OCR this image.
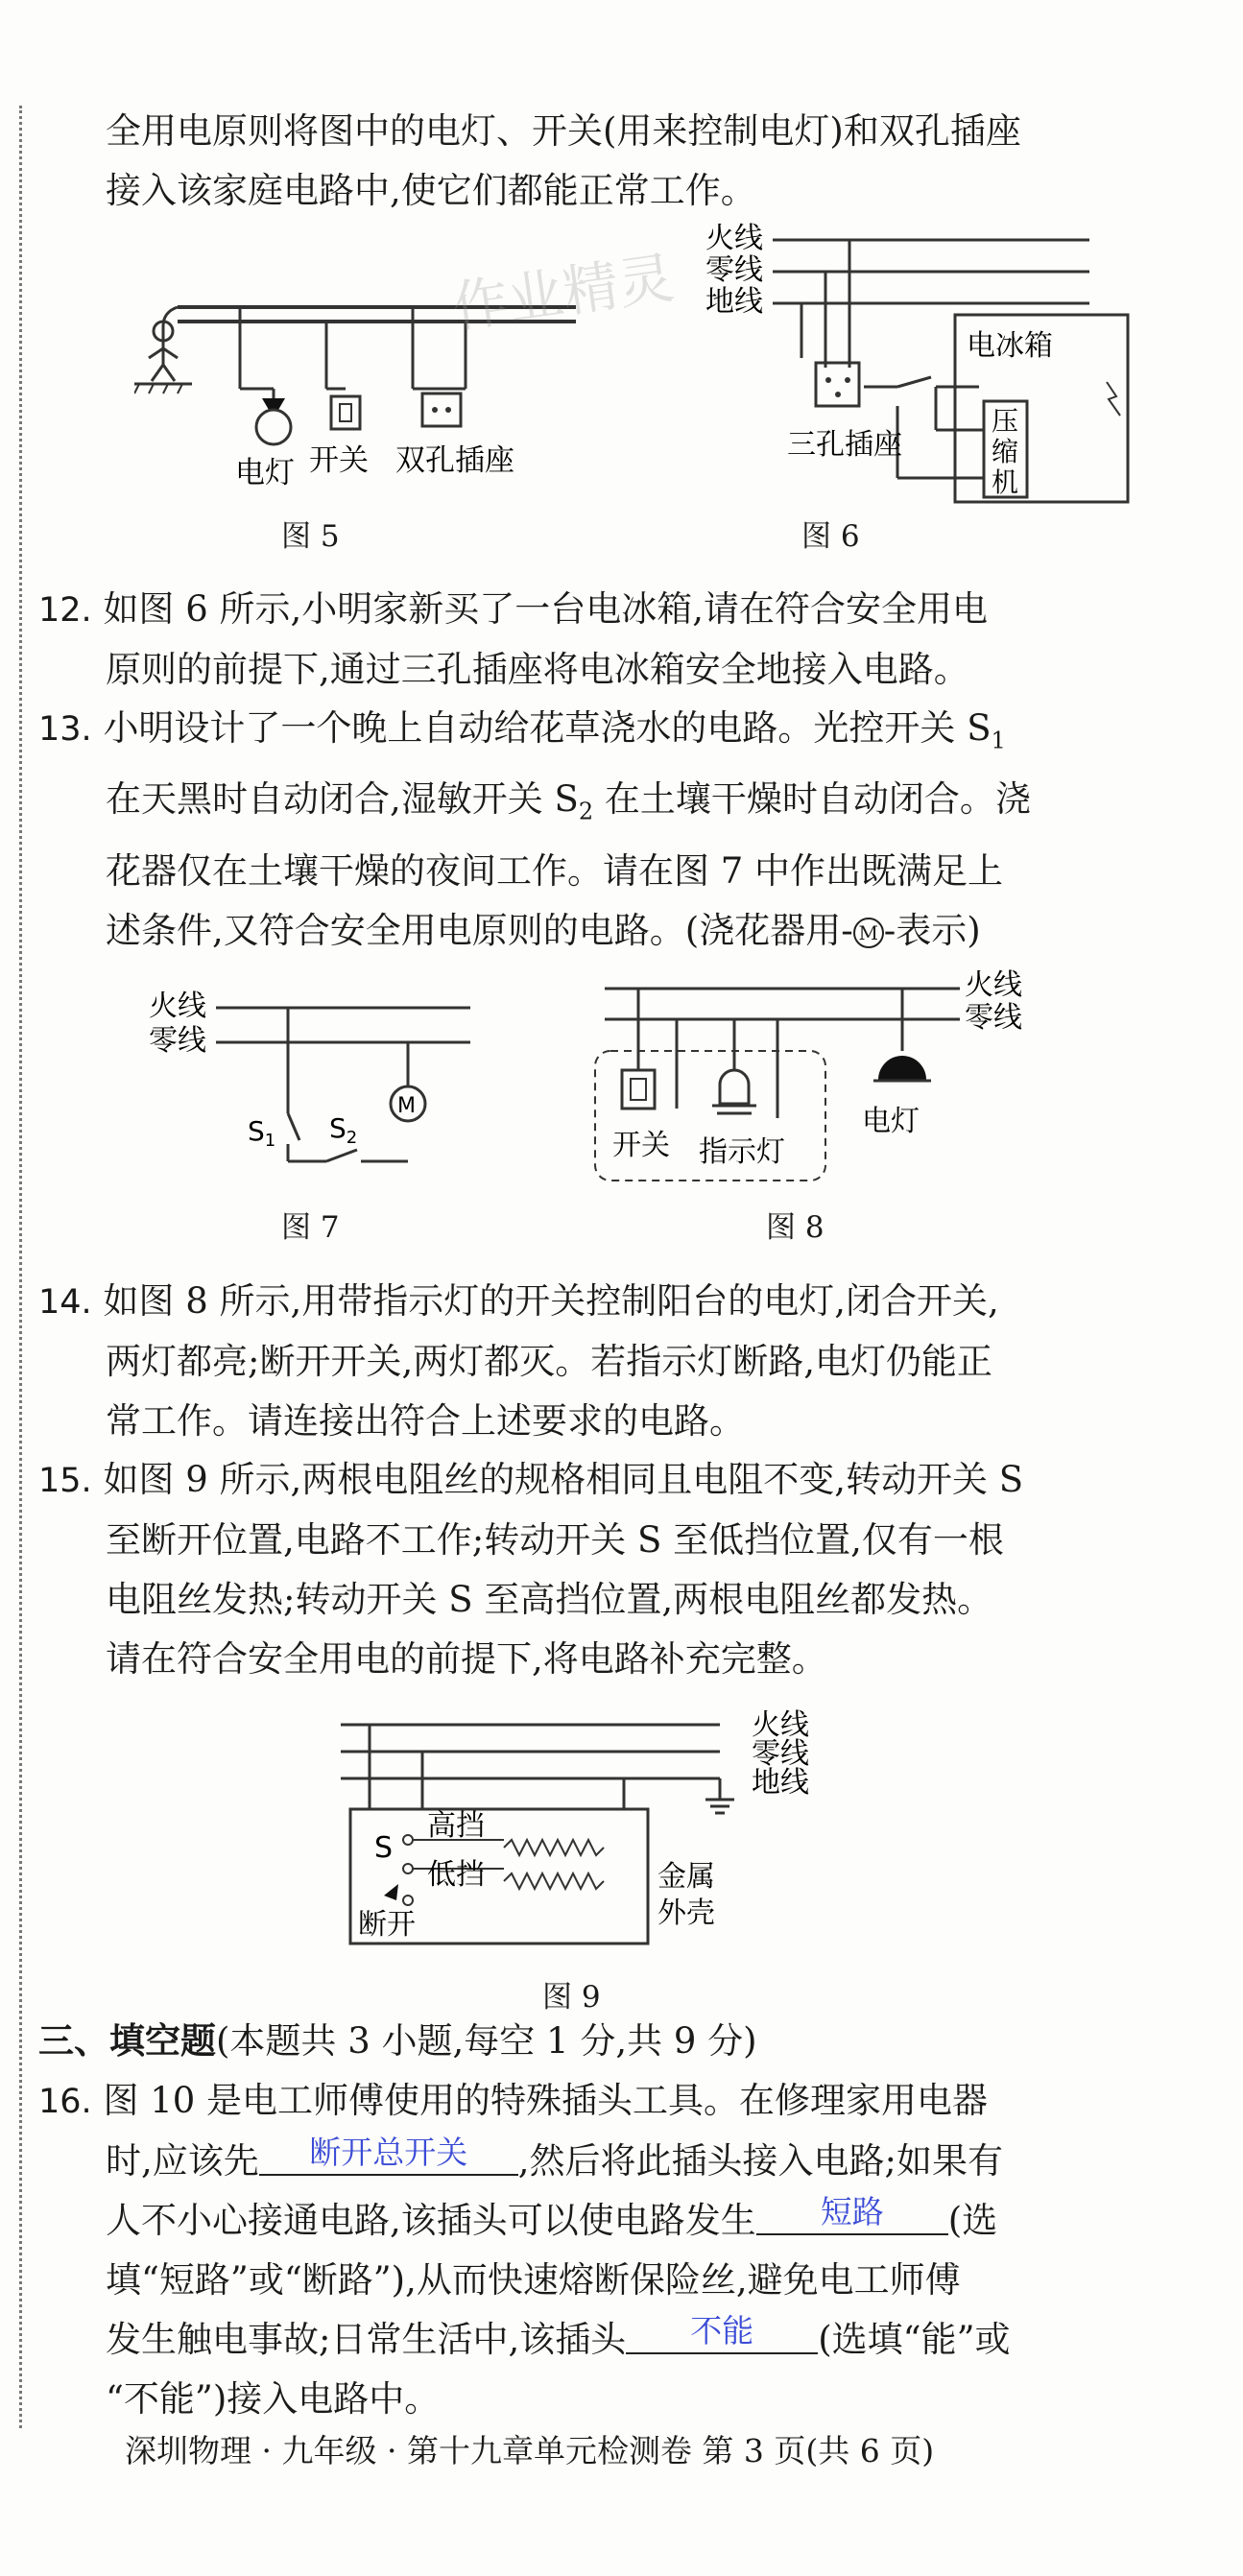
全用电原则将图中的电灯、开关(用来控制电灯)和双孔插座
接入该家庭电路中,使它们都能正常工作。
电灯 开关 双孔插座
图 5
作业精灵
火线
零线
地线
电冰箱
压
缩
机
三孔插座
图 6
12. 如图 6 所示,小明家新买了一台电冰箱,请在符合安全用电
原则的前提下,通过三孔插座将电冰箱安全地接入电路。
13. 小明设计了一个晚上自动给花草浇水的电路。光控开关 $S_1$
在天黑时自动闭合,湿敏开关 $S_2$ 在土壤干燥时自动闭合。浇
花器仅在土壤干燥的夜间工作。请在图 7 中作出既满足上
述条件,又符合安全用电原则的电路。(浇花器用- M -表示)
火线
零线
$S_1$ $S_2$
M
图 7
火线
零线
开关 指示灯
电灯
图 8
14. 如图 8 所示,用带指示灯的开关控制阳台的电灯,闭合开关,
两灯都亮;断开开关,两灯都灭。若指示灯断路,电灯仍能正
常工作。请连接出符合上述要求的电路。
15. 如图 9 所示,两根电阻丝的规格相同且电阻不变,转动开关 S
至断开位置,电路不工作;转动开关 S 至低挡位置,仅有一根
电阻丝发热;转动开关 S 至高挡位置,两根电阻丝都发热。
请在符合安全用电的前提下,将电路补充完整。
火线
零线
地线
S
高挡
低挡
断开
金属
外壳
图 9
三、填空题(本题共 3 小题,每空 1 分,共 9 分)
16. 图 10 是电工师傅使用的特殊插头工具。在修理家用电器
时,应该先 断开总开关 ,然后将此插头接入电路;如果有
人不小心接通电路,该插头可以使电路发生 短路 (选
填“短路”或“断路”),从而快速熔断保险丝,避免电工师傅
发生触电事故;日常生活中,该插头 不能 (选填“能”或
“不能”)接入电路中。
深圳物理 · 九年级 · 第十九章单元检测卷 第 3 页(共 6 页)
